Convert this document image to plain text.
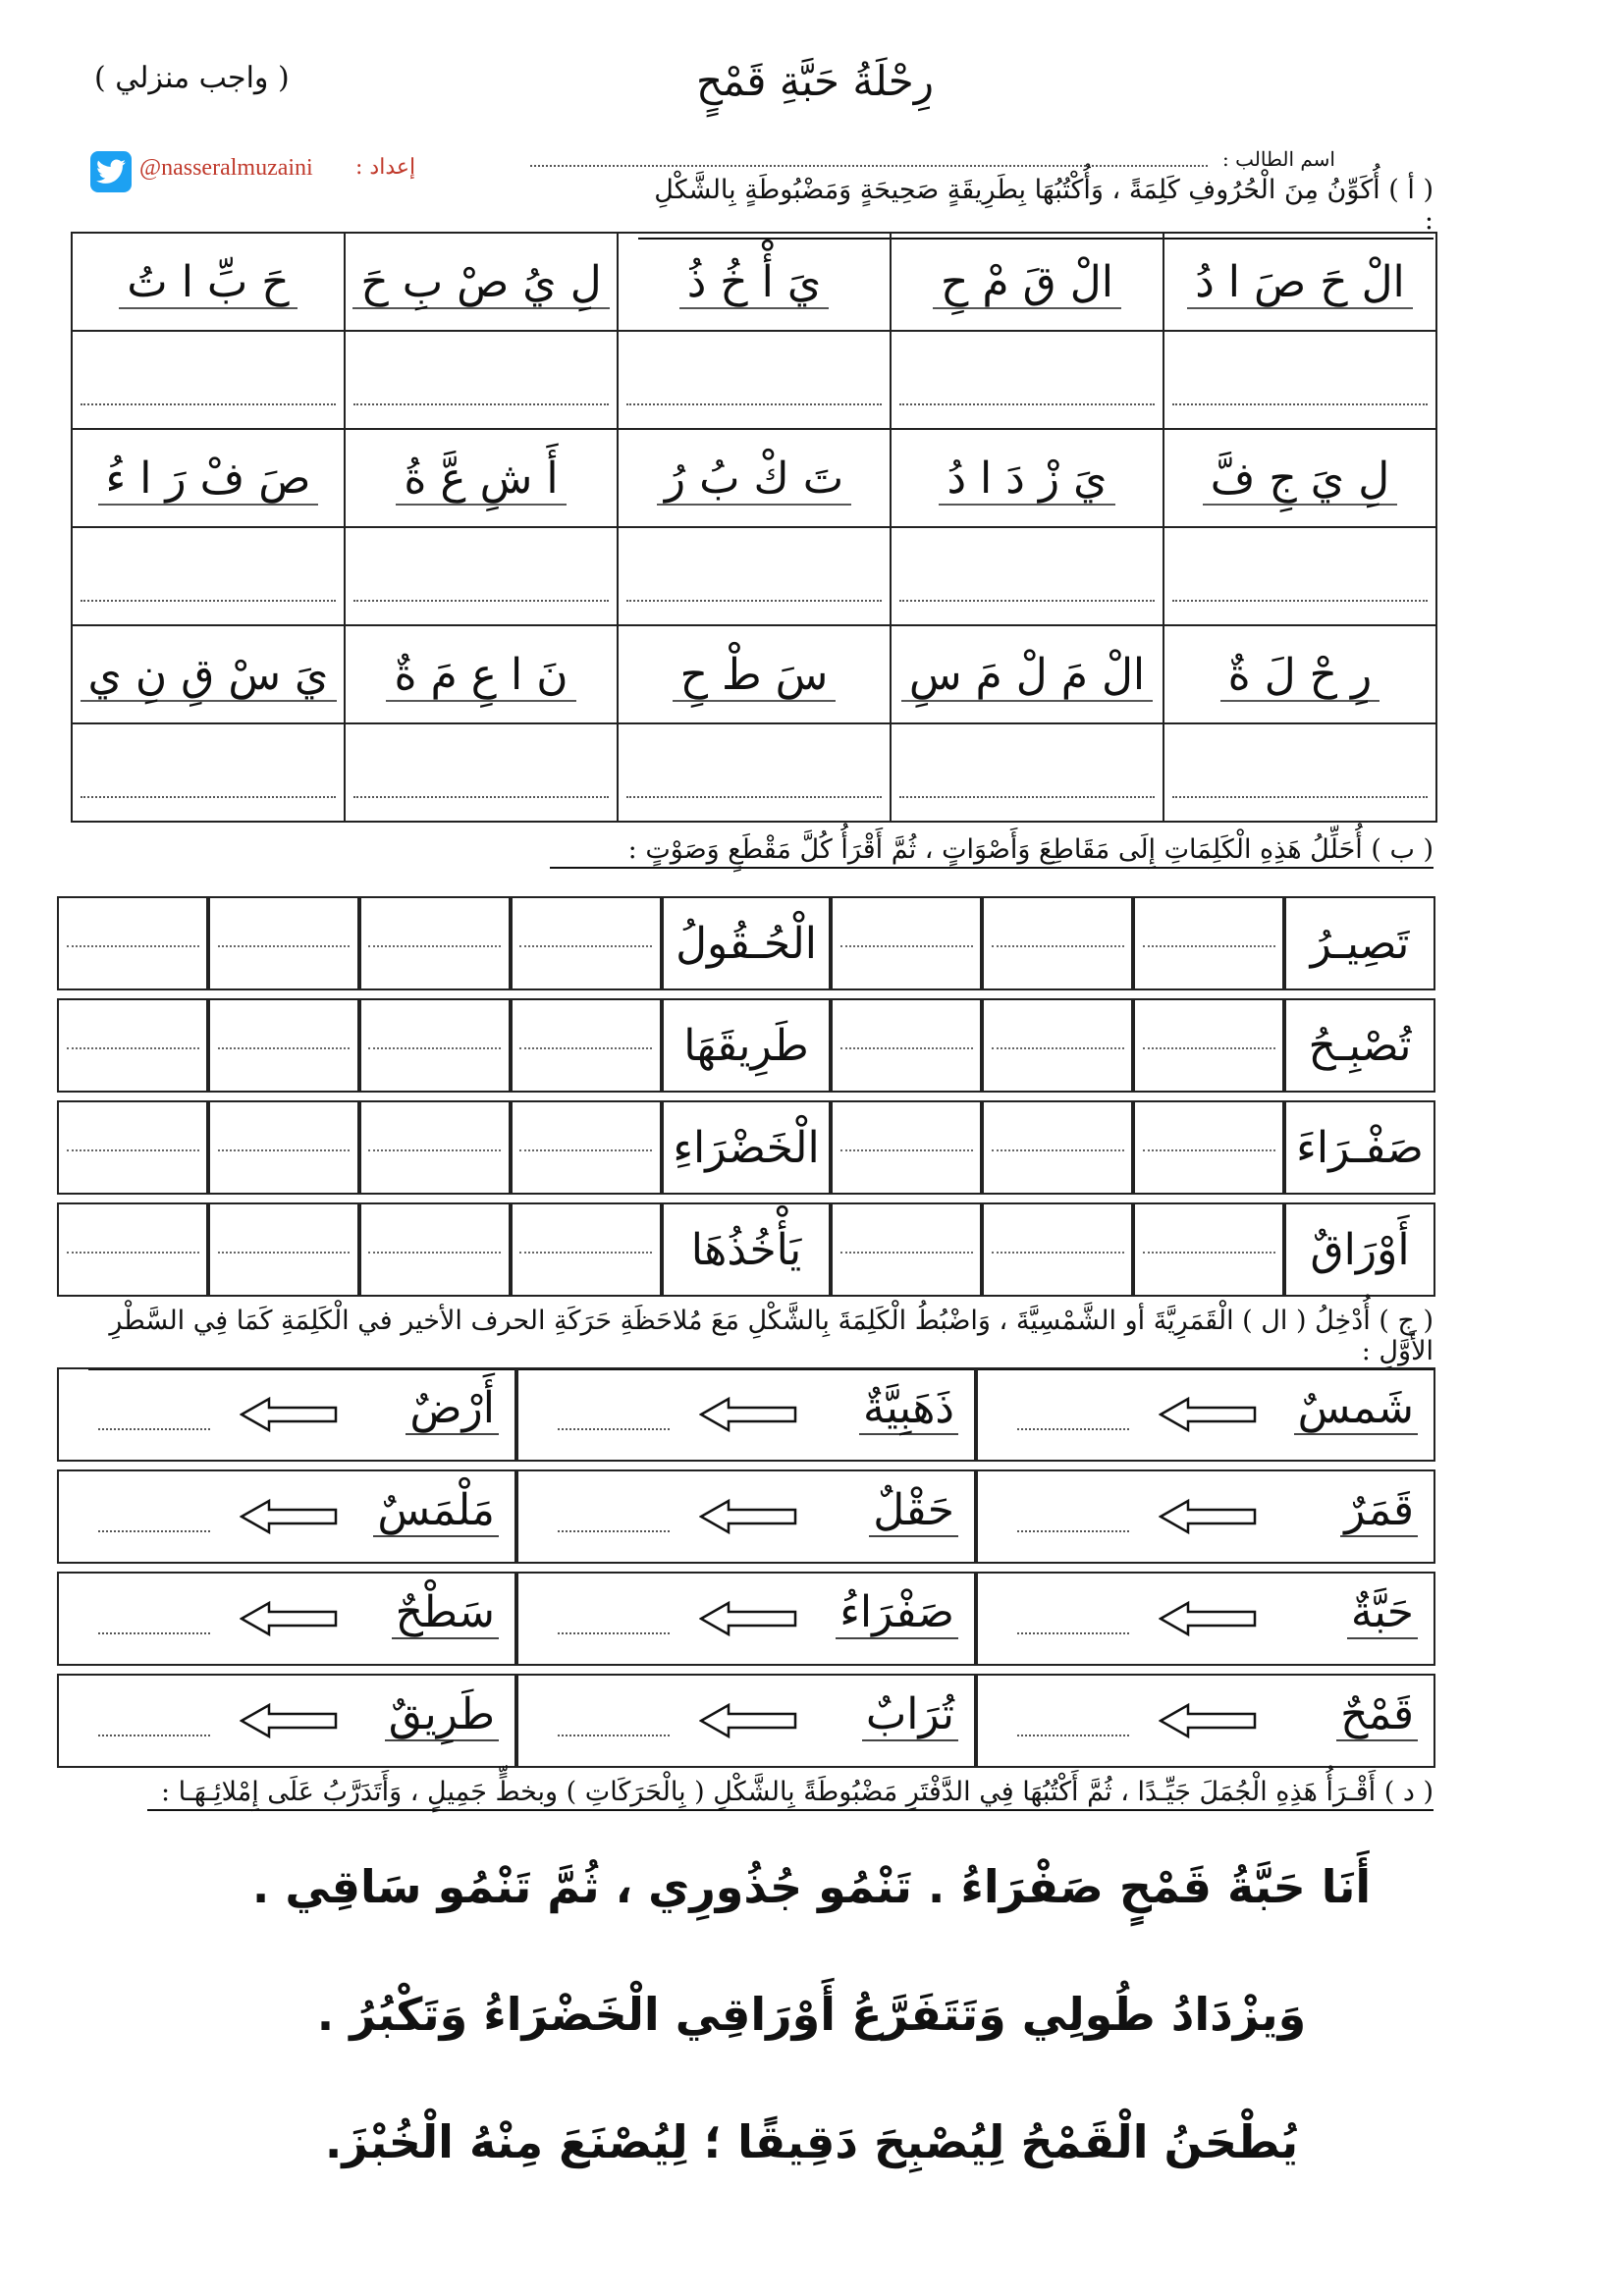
رِحْلَةُ حَبَّةِ قَمْحٍ
( واجب منزلي )
@nasseralmuzaini إعداد :	اسم الطالب :
( أ ) أُكَوِّنُ مِنَ الْحُرُوفِ كَلِمَةً ، وَأُكْتُبُهَا بِطَرِيقَةٍ صَحِيحَةٍ وَمَضْبُوطَةٍ بِالشَّكْلِ :
الْ حَ صَ ا دُ	الْ قَ مْ حِ	يَ أْ خُ ذُ	لِ يُ صْ بِ حَ	حَ بِّ ا تُ

لِ يَ جِ فَّ	يَ زْ دَ ا دُ	تَ كْ بُ رُ	أَ شِ عَّ ةُ	صَ فْ رَ ا ءُ

رِ حْ لَ ةٌ	الْ مَ لْ مَ سِ	سَ طْ حِ	نَ ا عِ مَ ةٌ	يَ سْ قِ نِ ي

( ب ) أُحَلِّلُ هَذِهِ الْكَلِمَاتِ إِلَى مَقَاطِعَ وَأَصْوَاتٍ ، ثُمَّ أَقْرَأُ كُلَّ مَقْطَعٍ وَصَوْتٍ :
تَصِيـرُ				الْحُـقُولُ				
تُصْبِـحُ				طَرِيقَهَا				
صَفْـرَاءَ				الْخَضْرَاءِ				
أَوْرَاقٌ				يَأْخُذُهَا				
( ج ) أُدْخِلُ ( ال ) الْقَمَرِيَّةَ أو الشَّمْسِيَّةَ ، وَاضْبُطُ الْكَلِمَةَ بِالشَّكْلِ مَعَ مُلاحَظَةِ حَرَكَةِ الحرف الأخير في الْكَلِمَةِ كَمَا فِي السَّطْرِ الأَوَّلِ :
شَمسٌ	ذَهَبِيَّةٌ	أَرْضٌ

قَمَرٌ	حَقْلٌ	مَلْمَسٌ

حَبَّةٌ	صَفْرَاءُ	سَطْحٌ

قَمْحٌ	تُرَابٌ	طَرِيقٌ
( د ) أَقْـرَأُ هَذِهِ الْجُمَلَ جَيِّـدًا ، ثُمَّ أَكْتُبُهَا فِي الدَّفْتَرِ مَضْبُوطَةً بِالشَّكْلِ ( بِالْحَرَكَاتِ ) وبخطٍّ جَمِيلٍ ، وَأَتَدَرَّبُ عَلَى إِمْلائِـهَـا :
أَنَا حَبَّةُ قَمْحٍ صَفْرَاءُ . تَنْمُو جُذُورِي ، ثُمَّ تَنْمُو سَاقِي .
وَيزْدَادُ طُولِي وَتَتَفَرَّعُ أَوْرَاقِي الْخَضْرَاءُ وَتَكْبُرُ .
يُطْحَنُ الْقَمْحُ لِيُصْبِحَ دَقِيقًا ؛ لِيُصْنَعَ مِنْهُ الْخُبْزَ.
